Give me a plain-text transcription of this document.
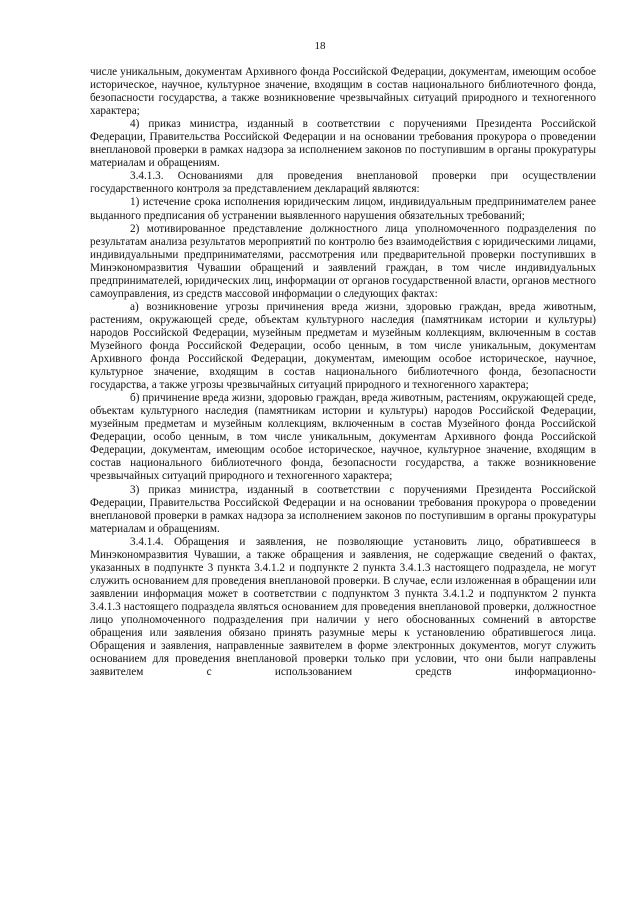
18

числе уникальным, документам Архивного фонда Российской Федерации, документам, имеющим особое историческое, научное, культурное значение, входящим в состав национального библиотечного фонда, безопасности государства, а также возникновение чрезвычайных ситуаций природного и техногенного характера;

4) приказ министра, изданный в соответствии с поручениями Президента Российской Федерации, Правительства Российской Федерации и на основании требования прокурора о проведении внеплановой проверки в рамках надзора за исполнением законов по поступившим в органы прокуратуры материалам и обращениям.

3.4.1.3. Основаниями для проведения внеплановой проверки при осуществлении государственного контроля за представлением деклараций являются:

1) истечение срока исполнения юридическим лицом, индивидуальным предпринимателем ранее выданного предписания об устранении выявленного нарушения обязательных требований;

2) мотивированное представление должностного лица уполномоченного подразделения по результатам анализа результатов мероприятий по контролю без взаимодействия с юридическими лицами, индивидуальными предпринимателями, рассмотрения или предварительной проверки поступивших в Минэкономразвития Чувашии обращений и заявлений граждан, в том числе индивидуальных предпринимателей, юридических лиц, информации от органов государственной власти, органов местного самоуправления, из средств массовой информации о следующих фактах:

а) возникновение угрозы причинения вреда жизни, здоровью граждан, вреда животным, растениям, окружающей среде, объектам культурного наследия (памятникам истории и культуры) народов Российской Федерации, музейным предметам и музейным коллекциям, включенным в состав Музейного фонда Российской Федерации, особо ценным, в том числе уникальным, документам Архивного фонда Российской Федерации, документам, имеющим особое историческое, научное, культурное значение, входящим в состав национального библиотечного фонда, безопасности государства, а также угрозы чрезвычайных ситуаций природного и техногенного характера;

б) причинение вреда жизни, здоровью граждан, вреда животным, растениям, окружающей среде, объектам культурного наследия (памятникам истории и культуры) народов Российской Федерации, музейным предметам и музейным коллекциям, включенным в состав Музейного фонда Российской Федерации, особо ценным, в том числе уникальным, документам Архивного фонда Российской Федерации, документам, имеющим особое историческое, научное, культурное значение, входящим в состав национального библиотечного фонда, безопасности государства, а также возникновение чрезвычайных ситуаций природного и техногенного характера;

3) приказ министра, изданный в соответствии с поручениями Президента Российской Федерации, Правительства Российской Федерации и на основании требования прокурора о проведении внеплановой проверки в рамках надзора за исполнением законов по поступившим в органы прокуратуры материалам и обращениям.

3.4.1.4. Обращения и заявления, не позволяющие установить лицо, обратившееся в Минэкономразвития Чувашии, а также обращения и заявления, не содержащие сведений о фактах, указанных в подпункте 3 пункта 3.4.1.2 и подпункте 2 пункта 3.4.1.3 настоящего подраздела, не могут служить основанием для проведения внеплановой проверки. В случае, если изложенная в обращении или заявлении информация может в соответствии с подпунктом 3 пункта 3.4.1.2 и подпунктом 2 пункта 3.4.1.3 настоящего подраздела являться основанием для проведения внеплановой проверки, должностное лицо уполномоченного подразделения при наличии у него обоснованных сомнений в авторстве обращения или заявления обязано принять разумные меры к установлению обратившегося лица. Обращения и заявления, направленные заявителем в форме электронных документов, могут служить основанием для проведения внеплановой проверки только при условии, что они были направлены заявителем с использованием средств информационно-
